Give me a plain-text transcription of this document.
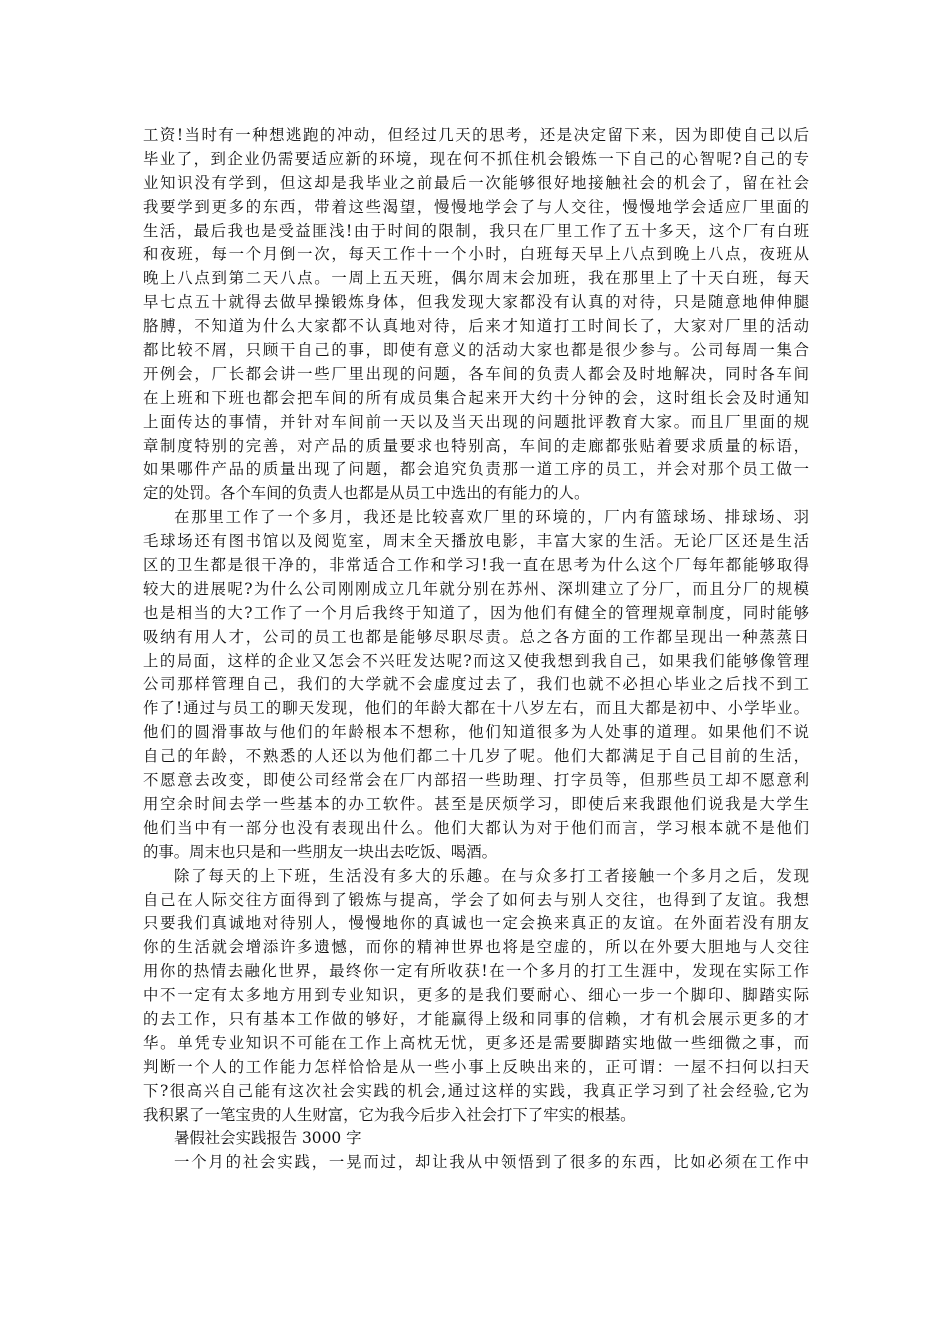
工资!当时有一种想逃跑的冲动，但经过几天的思考，还是决定留下来，因为即使自己以后
毕业了，到企业仍需要适应新的环境，现在何不抓住机会锻炼一下自己的心智呢?自己的专
业知识没有学到，但这却是我毕业之前最后一次能够很好地接触社会的机会了，留在社会
我要学到更多的东西，带着这些渴望，慢慢地学会了与人交往，慢慢地学会适应厂里面的
生活，最后我也是受益匪浅!由于时间的限制，我只在厂里工作了五十多天，这个厂有白班
和夜班，每一个月倒一次，每天工作十一个小时，白班每天早上八点到晚上八点，夜班从
晚上八点到第二天八点。一周上五天班，偶尔周末会加班，我在那里上了十天白班，每天
早七点五十就得去做早操锻炼身体，但我发现大家都没有认真的对待，只是随意地伸伸腿
胳膊，不知道为什么大家都不认真地对待，后来才知道打工时间长了，大家对厂里的活动
都比较不屑，只顾干自己的事，即使有意义的活动大家也都是很少参与。公司每周一集合
开例会，厂长都会讲一些厂里出现的问题，各车间的负责人都会及时地解决，同时各车间
在上班和下班也都会把车间的所有成员集合起来开大约十分钟的会，这时组长会及时通知
上面传达的事情，并针对车间前一天以及当天出现的问题批评教育大家。而且厂里面的规
章制度特别的完善，对产品的质量要求也特别高，车间的走廊都张贴着要求质量的标语，
如果哪件产品的质量出现了问题，都会追究负责那一道工序的员工，并会对那个员工做一
定的处罚。各个车间的负责人也都是从员工中选出的有能力的人。
在那里工作了一个多月，我还是比较喜欢厂里的环境的，厂内有篮球场、排球场、羽
毛球场还有图书馆以及阅览室，周末全天播放电影，丰富大家的生活。无论厂区还是生活
区的卫生都是很干净的，非常适合工作和学习!我一直在思考为什么这个厂每年都能够取得
较大的进展呢?为什么公司刚刚成立几年就分别在苏州、深圳建立了分厂，而且分厂的规模
也是相当的大?工作了一个月后我终于知道了，因为他们有健全的管理规章制度，同时能够
吸纳有用人才，公司的员工也都是能够尽职尽责。总之各方面的工作都呈现出一种蒸蒸日
上的局面，这样的企业又怎会不兴旺发达呢?而这又使我想到我自己，如果我们能够像管理
公司那样管理自己，我们的大学就不会虚度过去了，我们也就不必担心毕业之后找不到工
作了!通过与员工的聊天发现，他们的年龄大都在十八岁左右，而且大都是初中、小学毕业。
他们的圆滑事故与他们的年龄根本不想称，他们知道很多为人处事的道理。如果他们不说
自己的年龄，不熟悉的人还以为他们都二十几岁了呢。他们大都满足于自己目前的生活，
不愿意去改变，即使公司经常会在厂内部招一些助理、打字员等，但那些员工却不愿意利
用空余时间去学一些基本的办工软件。甚至是厌烦学习，即使后来我跟他们说我是大学生
他们当中有一部分也没有表现出什么。他们大都认为对于他们而言，学习根本就不是他们
的事。周末也只是和一些朋友一块出去吃饭、喝酒。
除了每天的上下班，生活没有多大的乐趣。在与众多打工者接触一个多月之后，发现
自己在人际交往方面得到了锻炼与提高，学会了如何去与别人交往，也得到了友谊。我想
只要我们真诚地对待别人，慢慢地你的真诚也一定会换来真正的友谊。在外面若没有朋友
你的生活就会增添许多遗憾，而你的精神世界也将是空虚的，所以在外要大胆地与人交往
用你的热情去融化世界，最终你一定有所收获!在一个多月的打工生涯中，发现在实际工作
中不一定有太多地方用到专业知识，更多的是我们要耐心、细心一步一个脚印、脚踏实际
的去工作，只有基本工作做的够好，才能赢得上级和同事的信赖，才有机会展示更多的才
华。单凭专业知识不可能在工作上高枕无忧，更多还是需要脚踏实地做一些细微之事，而
判断一个人的工作能力怎样恰恰是从一些小事上反映出来的，正可谓：一屋不扫何以扫天
下?很高兴自己能有这次社会实践的机会,通过这样的实践，我真正学习到了社会经验,它为
我积累了一笔宝贵的人生财富，它为我今后步入社会打下了牢实的根基。
暑假社会实践报告 3000 字
一个月的社会实践，一晃而过，却让我从中领悟到了很多的东西，比如必须在工作中
